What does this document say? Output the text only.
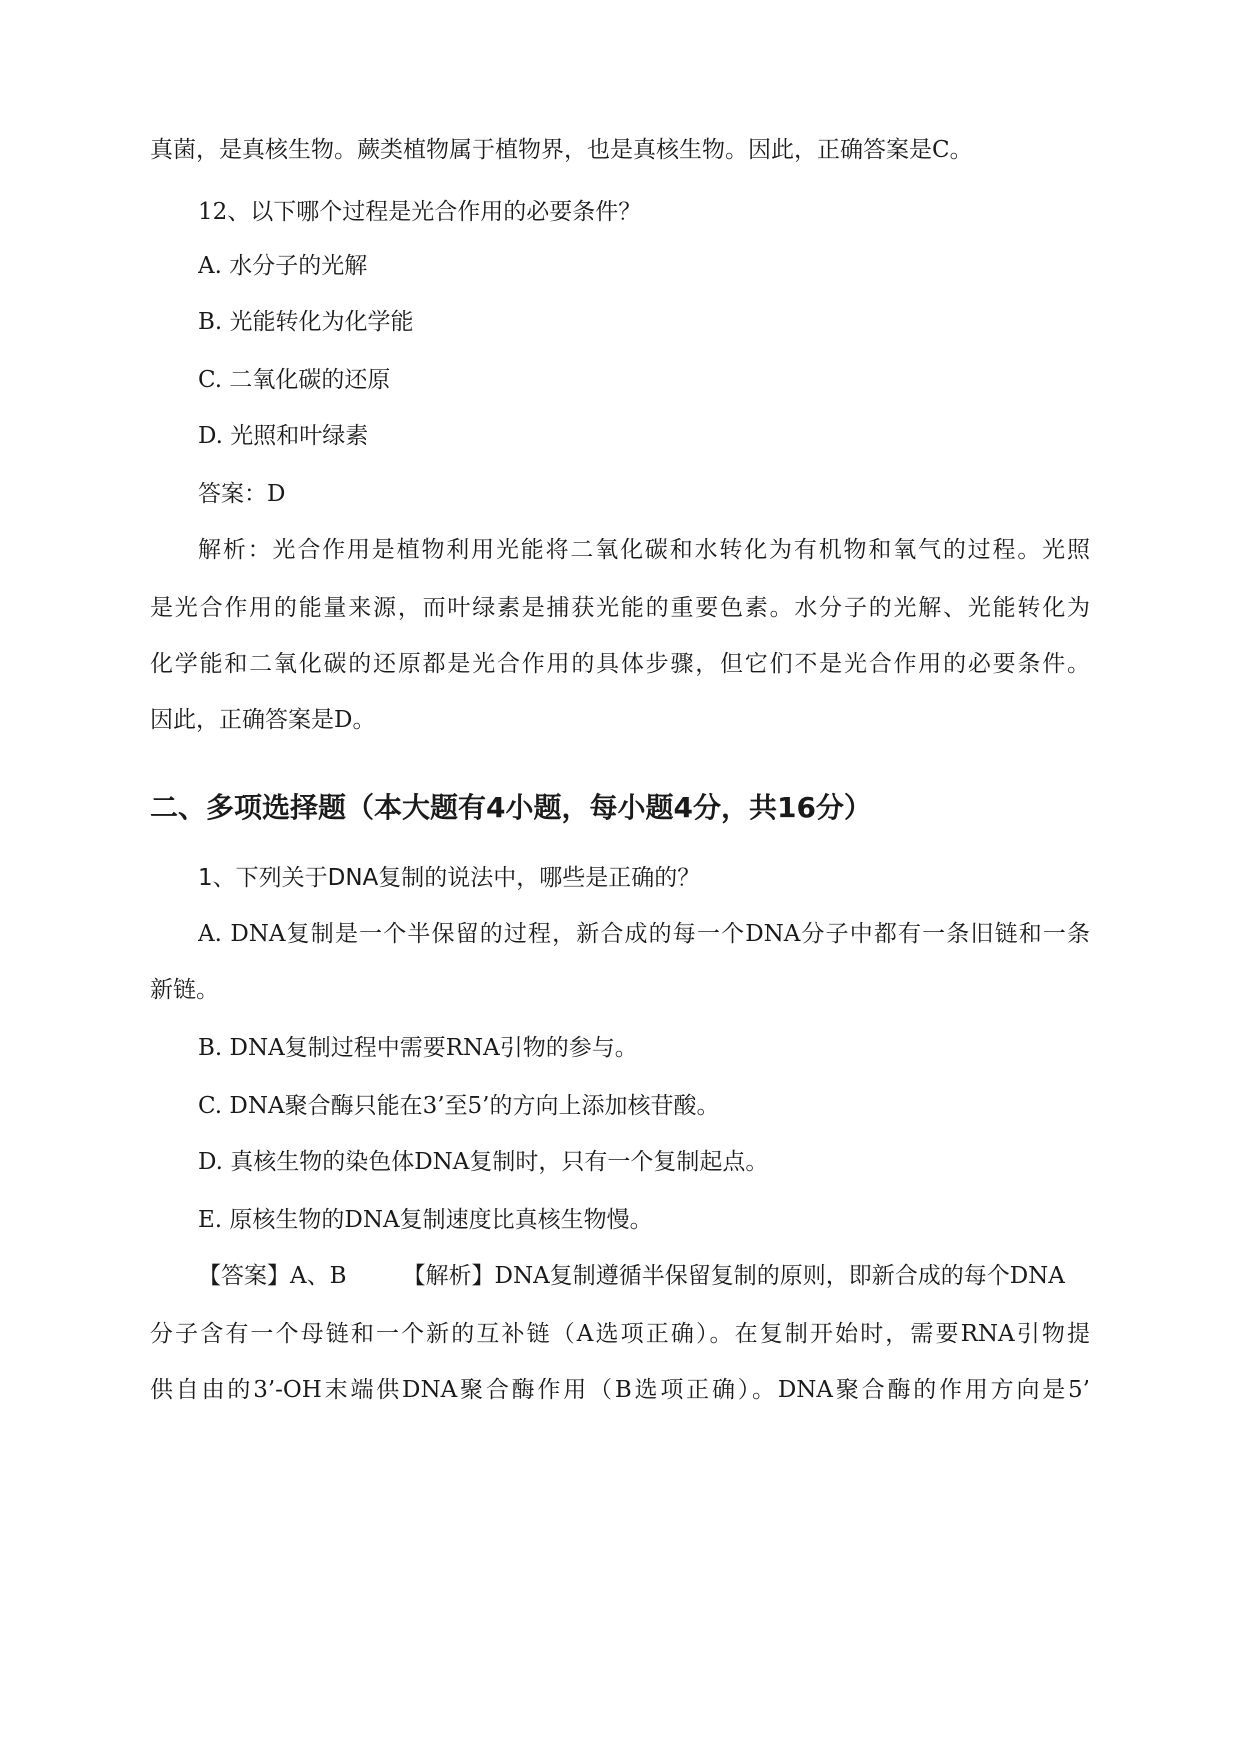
真菌，是真核生物。蕨类植物属于植物界，也是真核生物。因此，正确答案是C。
12、以下哪个过程是光合作用的必要条件？
A. 水分子的光解
B. 光能转化为化学能
C. 二氧化碳的还原
D. 光照和叶绿素
答案：D
解析：光合作用是植物利用光能将二氧化碳和水转化为有机物和氧气的过程。光照
是光合作用的能量来源，而叶绿素是捕获光能的重要色素。水分子的光解、光能转化为
化学能和二氧化碳的还原都是光合作用的具体步骤，但它们不是光合作用的必要条件。
因此，正确答案是D。
二、多项选择题（本大题有4小题，每小题4分，共16分）
1、下列关于DNA复制的说法中，哪些是正确的？
A. DNA复制是一个半保留的过程，新合成的每一个DNA分子中都有一条旧链和一条
新链。
B. DNA复制过程中需要RNA引物的参与。
C. DNA聚合酶只能在3’至5’的方向上添加核苷酸。
D. 真核生物的染色体DNA复制时，只有一个复制起点。
E. 原核生物的DNA复制速度比真核生物慢。
【答案】A、B 【解析】DNA复制遵循半保留复制的原则，即新合成的每个DNA
分子含有一个母链和一个新的互补链（A选项正确）。在复制开始时，需要RNA引物提
供自由的3’-OH末端供DNA聚合酶作用（B选项正确）。DNA聚合酶的作用方向是5’
